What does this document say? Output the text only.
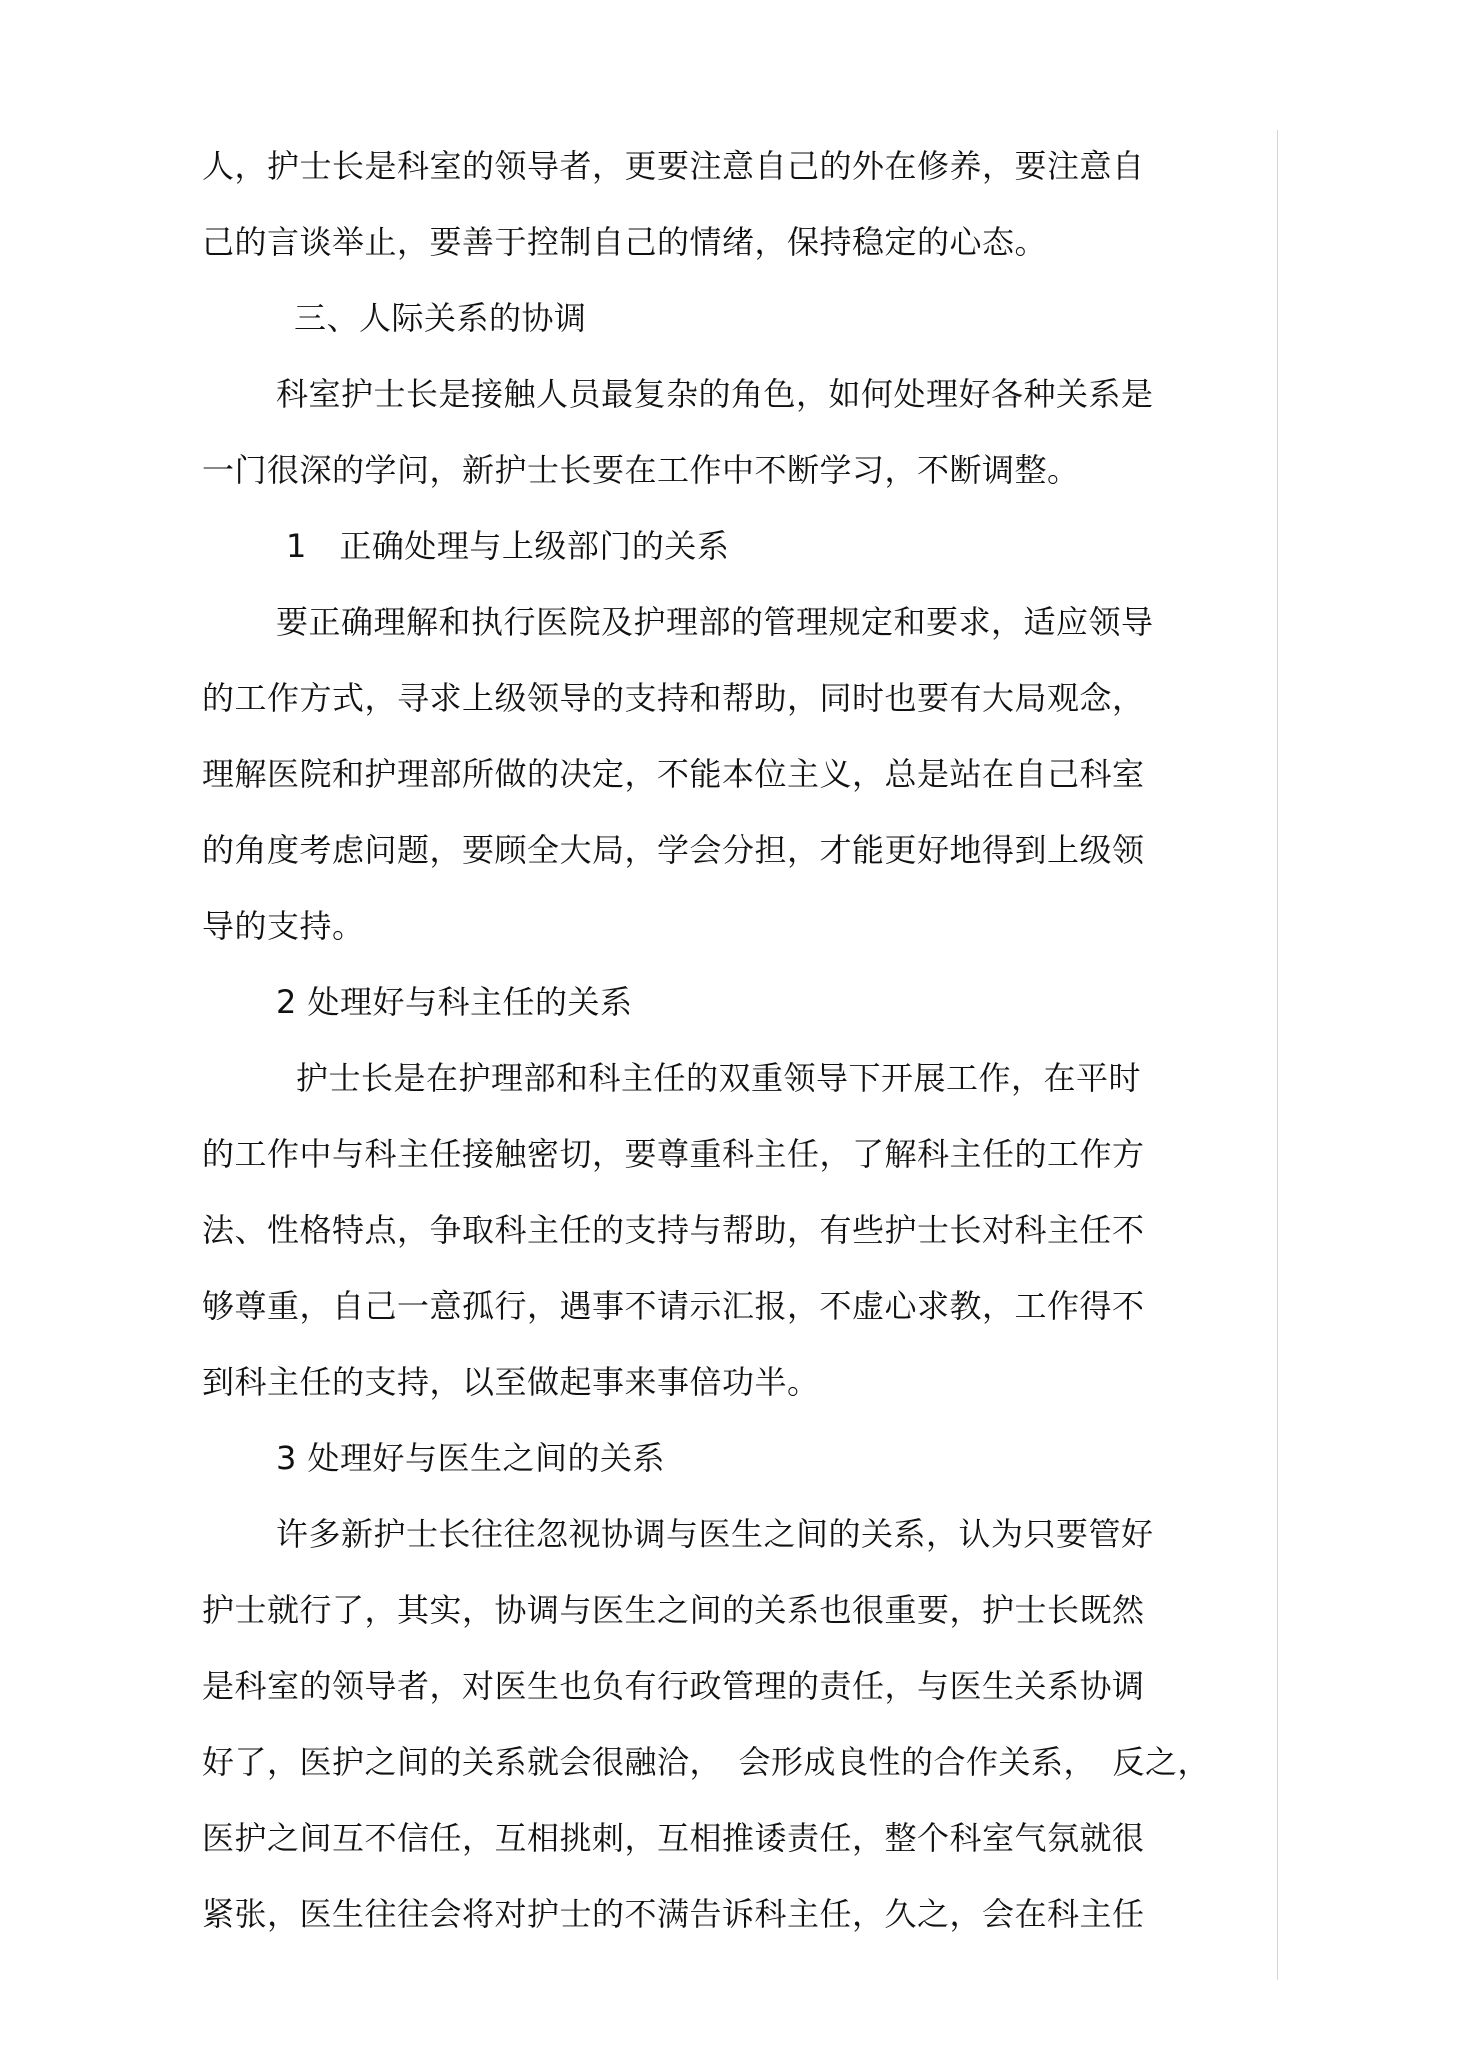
人，护士长是科室的领导者，更要注意自己的外在修养，要注意自
己的言谈举止，要善于控制自己的情绪，保持稳定的心态。
三、人际关系的协调
科室护士长是接触人员最复杂的角色，如何处理好各种关系是
一门很深的学问，新护士长要在工作中不断学习，不断调整。
1　正确处理与上级部门的关系
要正确理解和执行医院及护理部的管理规定和要求，适应领导
的工作方式，寻求上级领导的支持和帮助，同时也要有大局观念，
理解医院和护理部所做的决定，不能本位主义，总是站在自己科室
的角度考虑问题，要顾全大局，学会分担，才能更好地得到上级领
导的支持。
2 处理好与科主任的关系
护士长是在护理部和科主任的双重领导下开展工作，在平时
的工作中与科主任接触密切，要尊重科主任，了解科主任的工作方
法、性格特点，争取科主任的支持与帮助，有些护士长对科主任不
够尊重，自己一意孤行，遇事不请示汇报，不虚心求教，工作得不
到科主任的支持，以至做起事来事倍功半。
3 处理好与医生之间的关系
许多新护士长往往忽视协调与医生之间的关系，认为只要管好
护士就行了，其实，协调与医生之间的关系也很重要，护士长既然
是科室的领导者，对医生也负有行政管理的责任，与医生关系协调
好了，医护之间的关系就会很融洽，　会形成良性的合作关系，　反之，
医护之间互不信任，互相挑刺，互相推诿责任，整个科室气氛就很
紧张，医生往往会将对护士的不满告诉科主任，久之，会在科主任
